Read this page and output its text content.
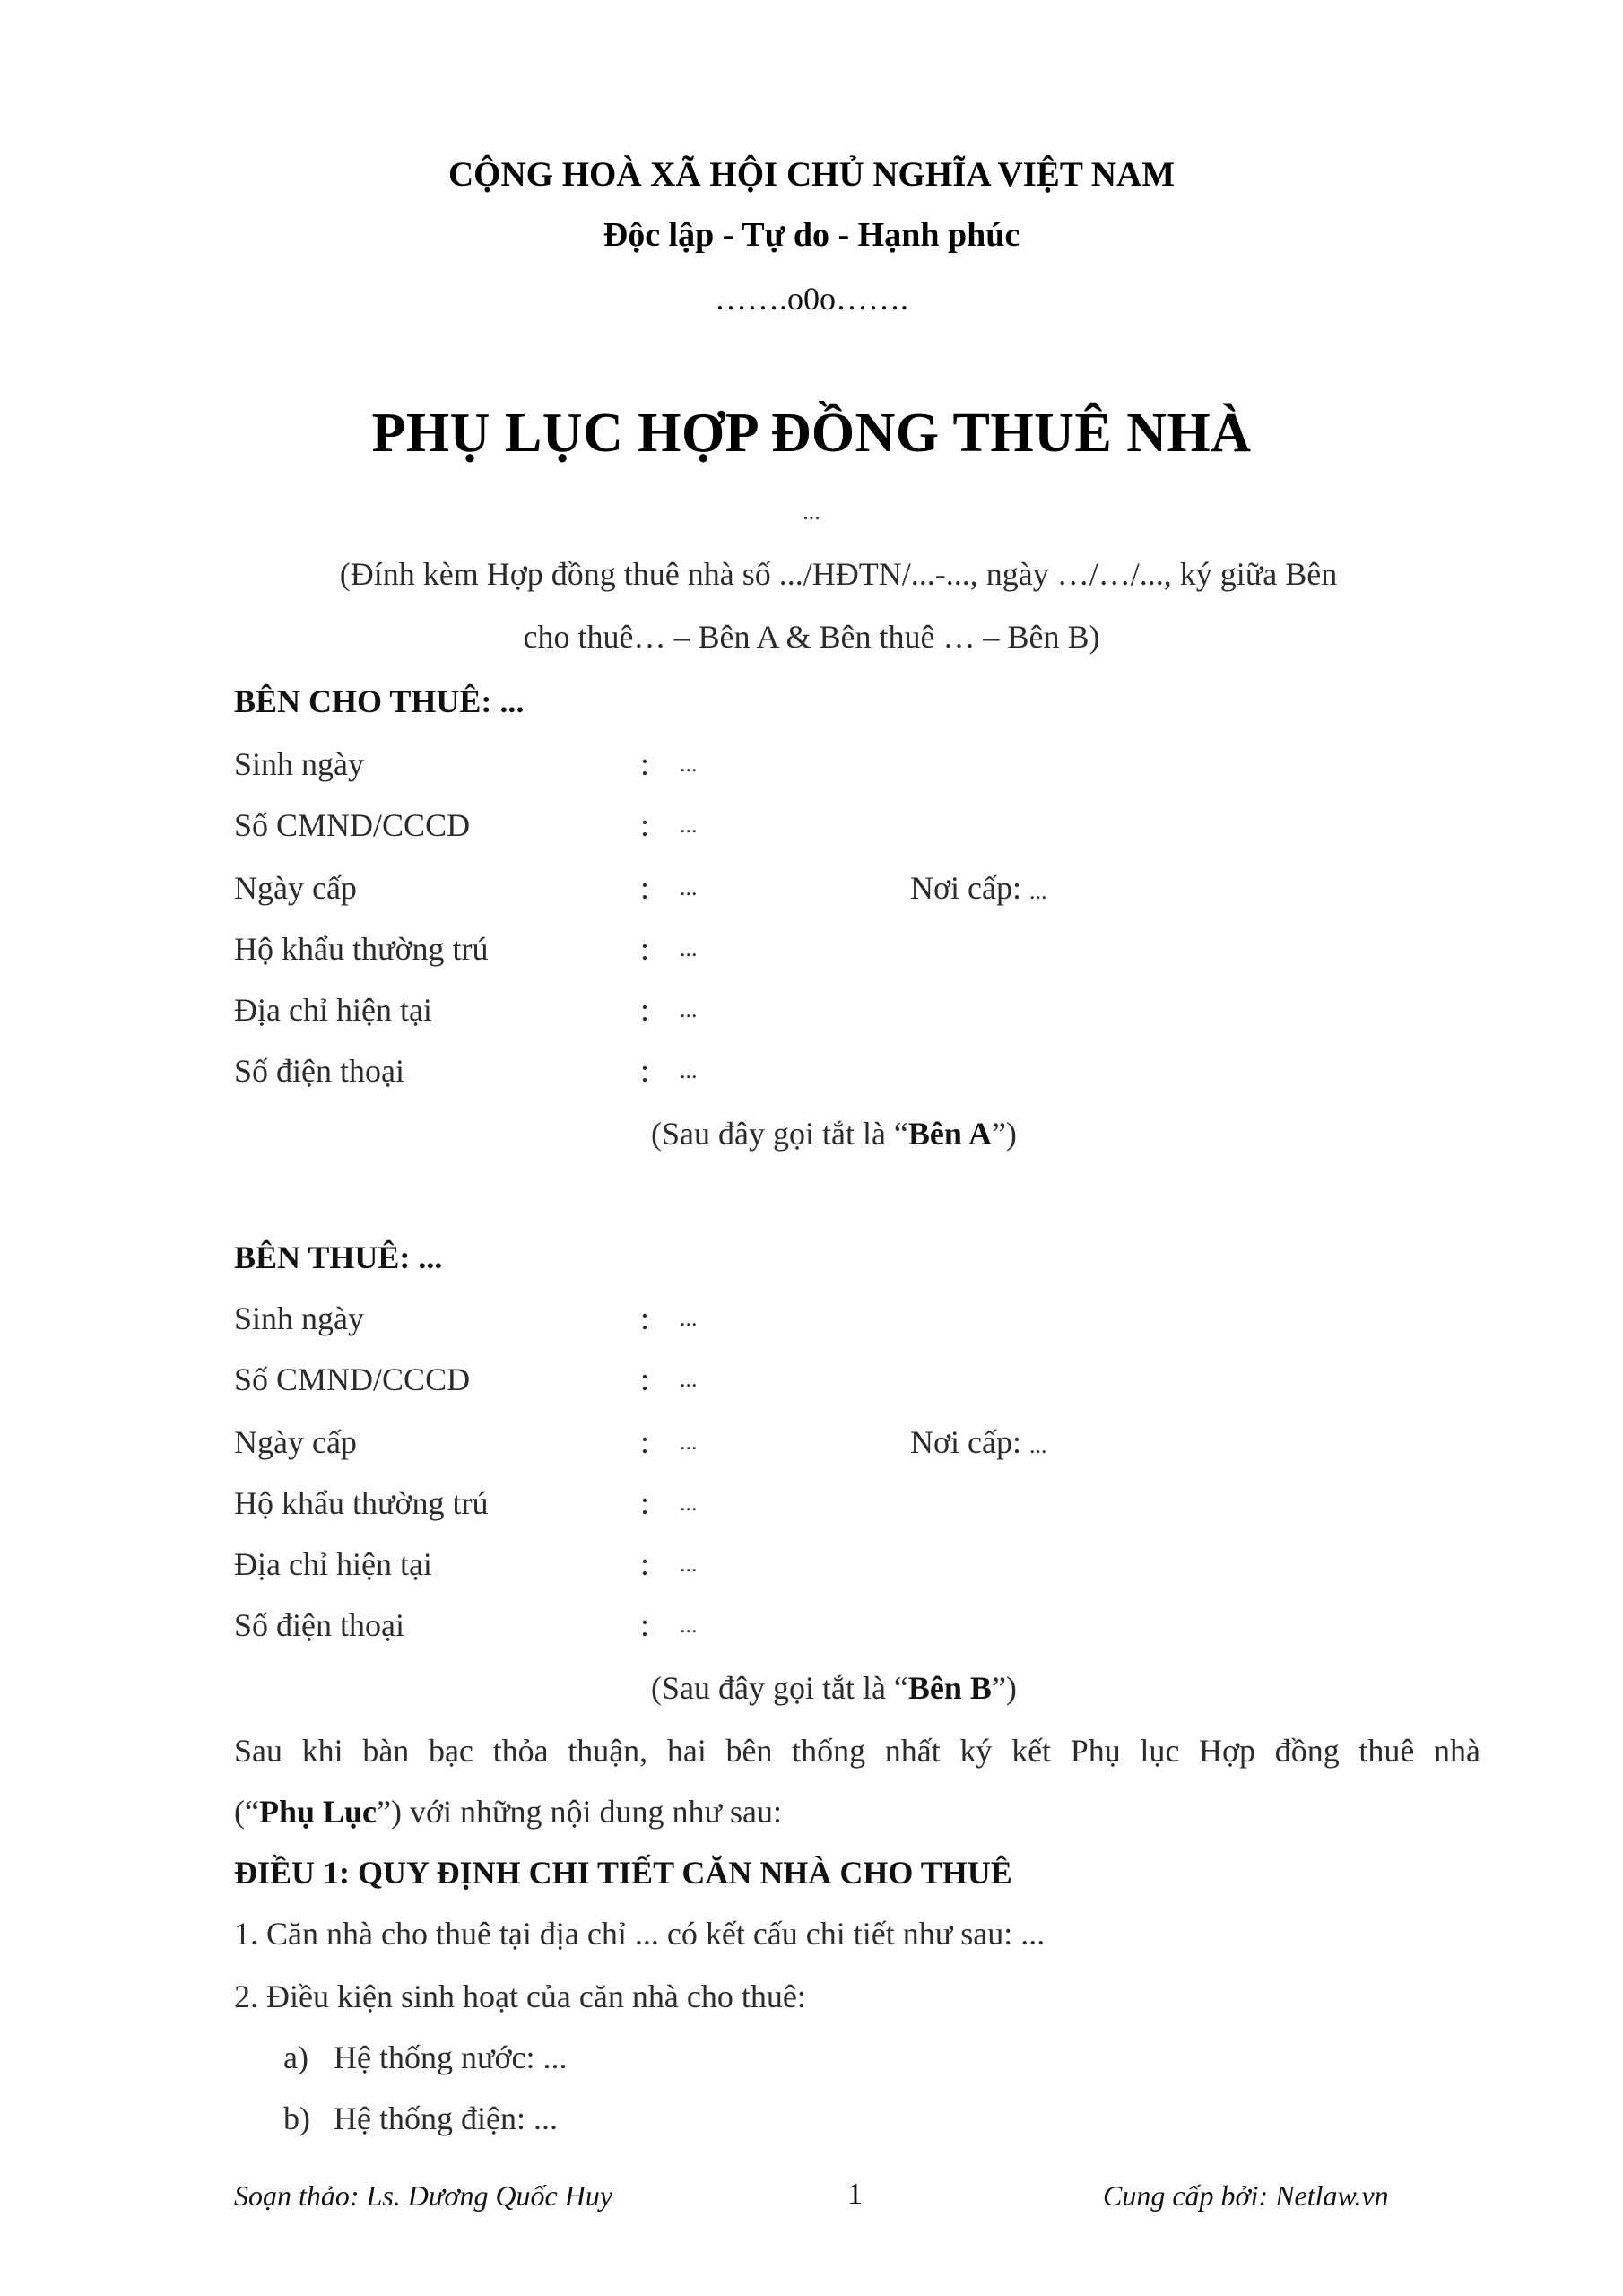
CỘNG HOÀ XÃ HỘI CHỦ NGHĨA VIỆT NAM
Độc lập - Tự do - Hạnh phúc
…….o0o…….
PHỤ LỤC HỢP ĐỒNG THUÊ NHÀ
...
(Đính kèm Hợp đồng thuê nhà số .../HĐTN/...-..., ngày …/…/..., ký giữa Bên
cho thuê… – Bên A & Bên thuê … – Bên B)
BÊN CHO THUÊ: ...
Sinh ngày	: ...
Số CMND/CCCD	: ...
Ngày cấp	: ...	Nơi cấp: ...
Hộ khẩu thường trú	: ...
Địa chỉ hiện tại	: ...
Số điện thoại	: ...
(Sau đây gọi tắt là “Bên A”)
BÊN THUÊ: ...
Sinh ngày	: ...
Số CMND/CCCD	: ...
Ngày cấp	: ...	Nơi cấp: ...
Hộ khẩu thường trú	: ...
Địa chỉ hiện tại	: ...
Số điện thoại	: ...
(Sau đây gọi tắt là “Bên B”)
Sau khi bàn bạc thỏa thuận, hai bên thống nhất ký kết Phụ lục Hợp đồng thuê nhà
(“Phụ Lục”) với những nội dung như sau:
ĐIỀU 1: QUY ĐỊNH CHI TIẾT CĂN NHÀ CHO THUÊ
1. Căn nhà cho thuê tại địa chỉ ... có kết cấu chi tiết như sau: ...
2. Điều kiện sinh hoạt của căn nhà cho thuê:
a) Hệ thống nước: ...
b) Hệ thống điện: ...
Soạn thảo: Ls. Dương Quốc Huy	1	Cung cấp bởi: Netlaw.vn
